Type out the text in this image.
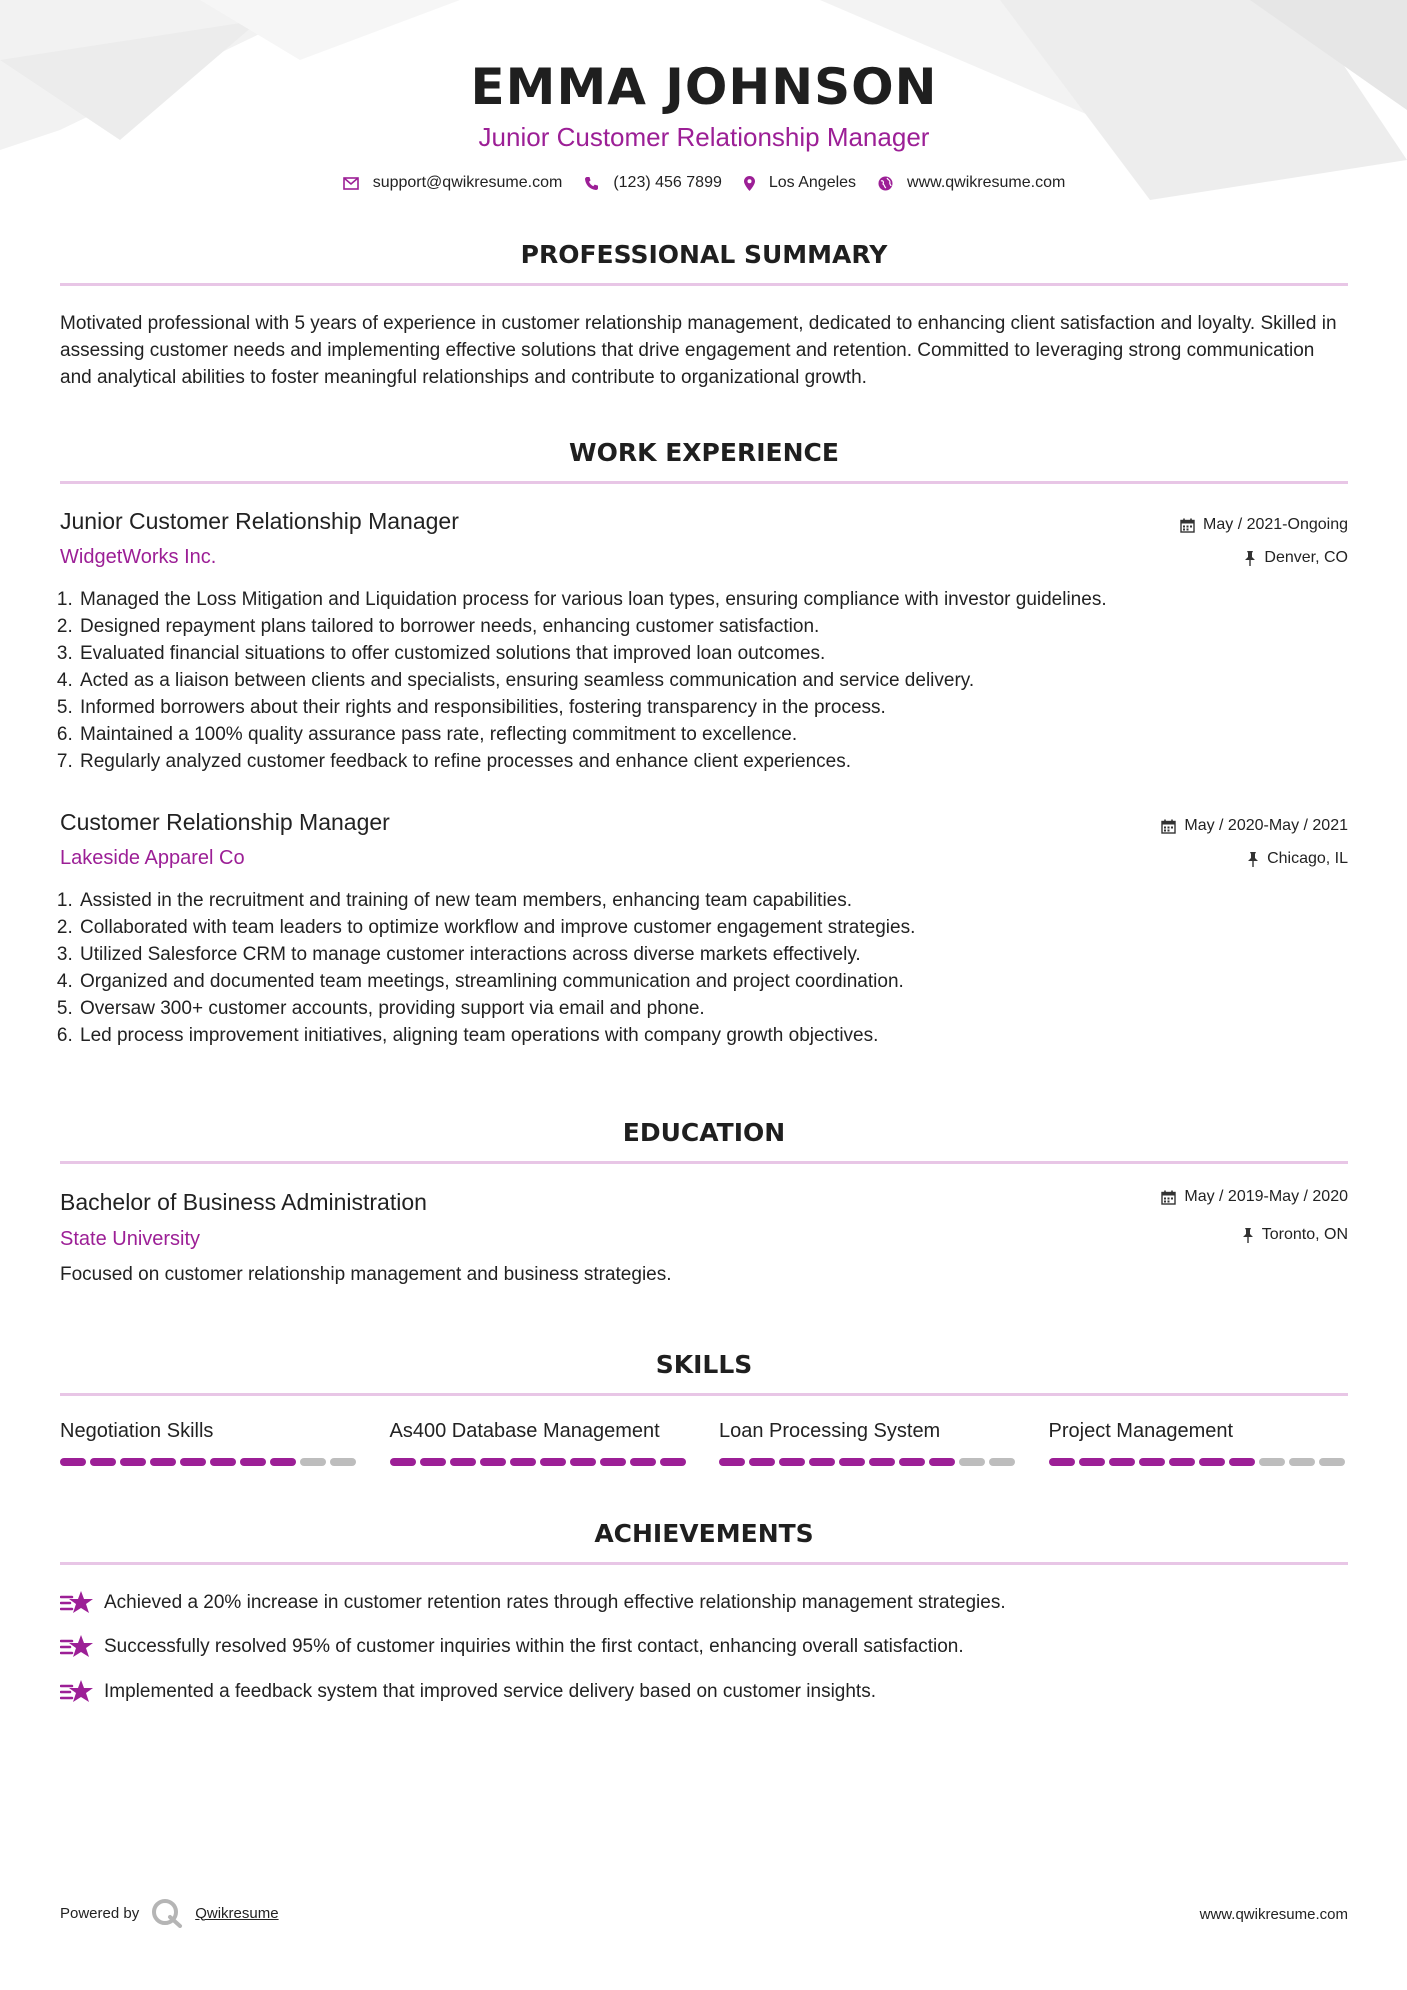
EMMA JOHNSON
Junior Customer Relationship Manager
support@qwikresume.com	(123) 456 7899	Los Angeles	www.qwikresume.com
PROFESSIONAL SUMMARY
Motivated professional with 5 years of experience in customer relationship management, dedicated to enhancing client satisfaction and loyalty. Skilled in assessing customer needs and implementing effective solutions that drive engagement and retention. Committed to leveraging strong communication and analytical abilities to foster meaningful relationships and contribute to organizational growth.
WORK EXPERIENCE
Junior Customer Relationship Manager
WidgetWorks Inc.
May / 2021-Ongoing
Denver, CO
1. Managed the Loss Mitigation and Liquidation process for various loan types, ensuring compliance with investor guidelines.
2. Designed repayment plans tailored to borrower needs, enhancing customer satisfaction.
3. Evaluated financial situations to offer customized solutions that improved loan outcomes.
4. Acted as a liaison between clients and specialists, ensuring seamless communication and service delivery.
5. Informed borrowers about their rights and responsibilities, fostering transparency in the process.
6. Maintained a 100% quality assurance pass rate, reflecting commitment to excellence.
7. Regularly analyzed customer feedback to refine processes and enhance client experiences.
Customer Relationship Manager
Lakeside Apparel Co
May / 2020-May / 2021
Chicago, IL
1. Assisted in the recruitment and training of new team members, enhancing team capabilities.
2. Collaborated with team leaders to optimize workflow and improve customer engagement strategies.
3. Utilized Salesforce CRM to manage customer interactions across diverse markets effectively.
4. Organized and documented team meetings, streamlining communication and project coordination.
5. Oversaw 300+ customer accounts, providing support via email and phone.
6. Led process improvement initiatives, aligning team operations with company growth objectives.
EDUCATION
Bachelor of Business Administration
State University
May / 2019-May / 2020
Toronto, ON
Focused on customer relationship management and business strategies.
SKILLS
Negotiation Skills	As400 Database Management	Loan Processing System	Project Management
ACHIEVEMENTS
Achieved a 20% increase in customer retention rates through effective relationship management strategies.
Successfully resolved 95% of customer inquiries within the first contact, enhancing overall satisfaction.
Implemented a feedback system that improved service delivery based on customer insights.
Powered by	Qwikresume	www.qwikresume.com
